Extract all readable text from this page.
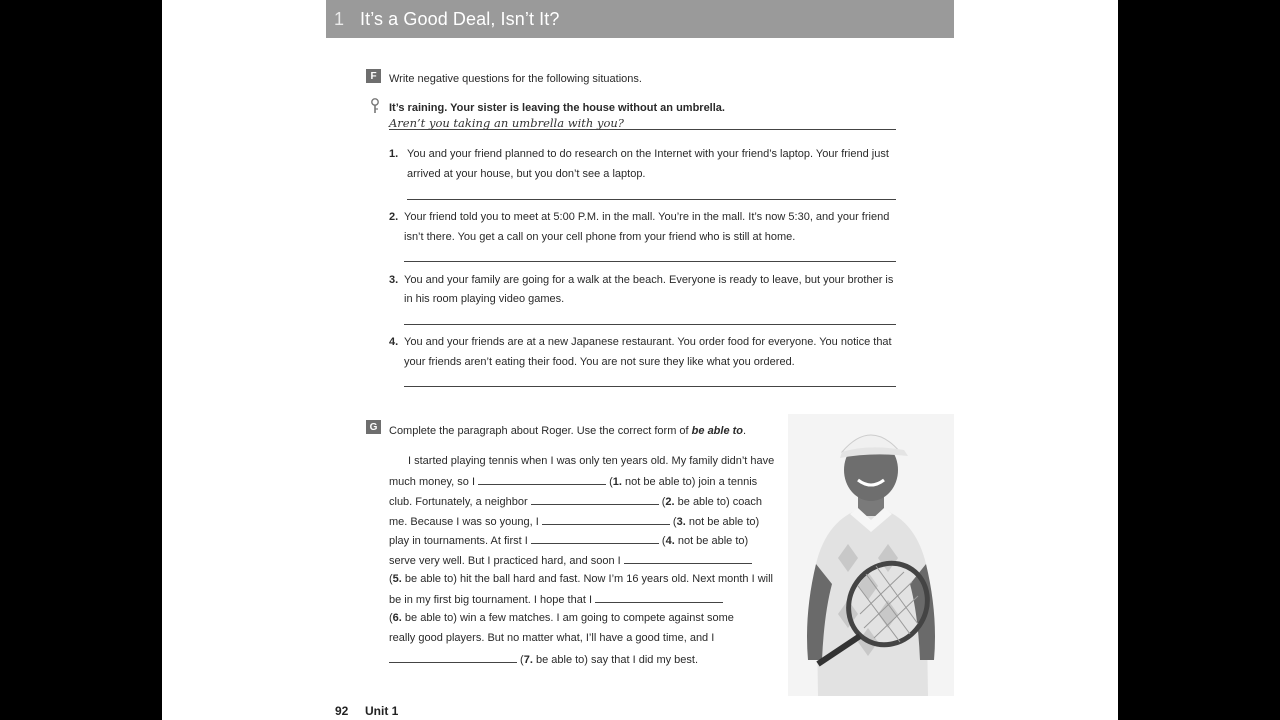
1 It’s a Good Deal, Isn’t It?
F	Write negative questions for the following situations.
It’s raining. Your sister is leaving the house without an umbrella.
Aren’t you taking an umbrella with you?
1. You and your friend planned to do research on the Internet with your friend’s laptop. Your friend just
arrived at your house, but you don’t see a laptop.
2. Your friend told you to meet at 5:00 P.M. in the mall. You’re in the mall. It’s now 5:30, and your friend
isn’t there. You get a call on your cell phone from your friend who is still at home.
3. You and your family are going for a walk at the beach. Everyone is ready to leave, but your brother is
in his room playing video games.
4. You and your friends are at a new Japanese restaurant. You order food for everyone. You notice that
your friends aren’t eating their food. You are not sure they like what you ordered.
G	Complete the paragraph about Roger. Use the correct form of be able to.
I started playing tennis when I was only ten years old. My family didn’t have
much money, so I	(1. not be able to) join a tennis
club. Fortunately, a neighbor	(2. be able to) coach
me. Because I was so young, I	(3. not be able to)
play in tournaments. At first I	(4. not be able to)
serve very well. But I practiced hard, and soon I
(5. be able to) hit the ball hard and fast. Now I’m 16 years old. Next month I will
be in my first big tournament. I hope that I
(6. be able to) win a few matches. I am going to compete against some
really good players. But no matter what, I’ll have a good time, and I
(7. be able to) say that I did my best.
92 Unit 1
